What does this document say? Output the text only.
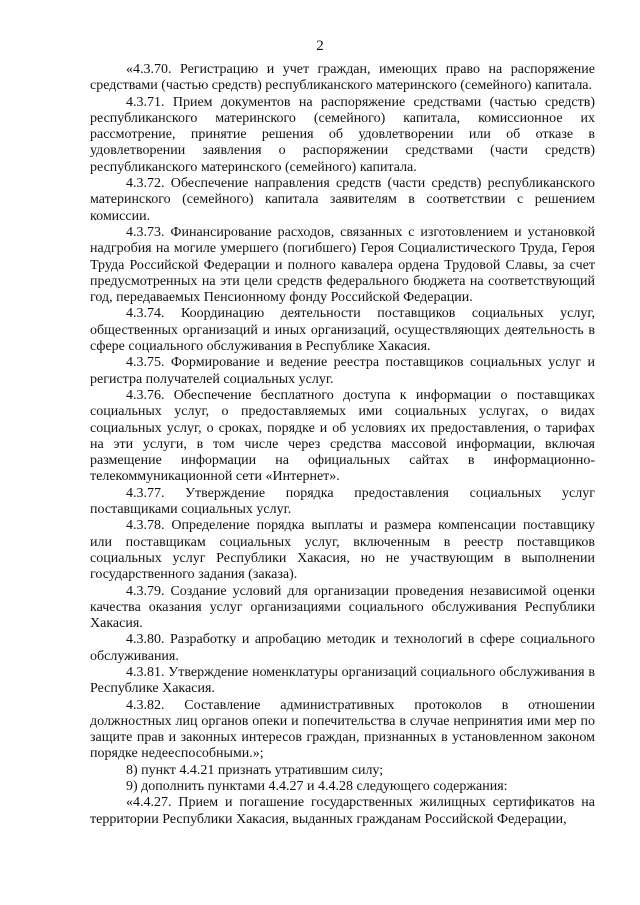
2

«4.3.70. Регистрацию и учет граждан, имеющих право на распоряжение средствами (частью средств) республиканского материнского (семейного) капитала.

4.3.71. Прием документов на распоряжение средствами (частью средств) республиканского материнского (семейного) капитала, комиссионное их рассмотрение, принятие решения об удовлетворении или об отказе в удовлетворении заявления о распоряжении средствами (части средств) республиканского материнского (семейного) капитала.

4.3.72. Обеспечение направления средств (части средств) республиканского материнского (семейного) капитала заявителям в соответствии с решением комиссии.

4.3.73. Финансирование расходов, связанных с изготовлением и установкой надгробия на могиле умершего (погибшего) Героя Социалистического Труда, Героя Труда Российской Федерации и полного кавалера ордена Трудовой Славы, за счет предусмотренных на эти цели средств федерального бюджета на соответствующий год, передаваемых Пенсионному фонду Российской Федерации.

4.3.74. Координацию деятельности поставщиков социальных услуг, общественных организаций и иных организаций, осуществляющих деятельность в сфере социального обслуживания в Республике Хакасия.

4.3.75. Формирование и ведение реестра поставщиков социальных услуг и регистра получателей социальных услуг.

4.3.76. Обеспечение бесплатного доступа к информации о поставщиках социальных услуг, о предоставляемых ими социальных услугах, о видах социальных услуг, о сроках, порядке и об условиях их предоставления, о тарифах на эти услуги, в том числе через средства массовой информации, включая размещение информации на официальных сайтах в информационно-телекоммуникационной сети «Интернет».

4.3.77. Утверждение порядка предоставления социальных услуг поставщиками социальных услуг.

4.3.78. Определение порядка выплаты и размера компенсации поставщику или поставщикам социальных услуг, включенным в реестр поставщиков социальных услуг Республики Хакасия, но не участвующим в выполнении государственного задания (заказа).

4.3.79. Создание условий для организации проведения независимой оценки качества оказания услуг организациями социального обслуживания Республики Хакасия.

4.3.80. Разработку и апробацию методик и технологий в сфере социального обслуживания.

4.3.81. Утверждение номенклатуры организаций социального обслуживания в Республике Хакасия.

4.3.82. Составление административных протоколов в отношении должностных лиц органов опеки и попечительства в случае непринятия ими мер по защите прав и законных интересов граждан, признанных в установленном законом порядке недееспособными.»;

8) пункт 4.4.21 признать утратившим силу;

9) дополнить пунктами 4.4.27 и 4.4.28 следующего содержания:

«4.4.27. Прием и погашение государственных жилищных сертификатов на территории Республики Хакасия, выданных гражданам Российской Федерации,
